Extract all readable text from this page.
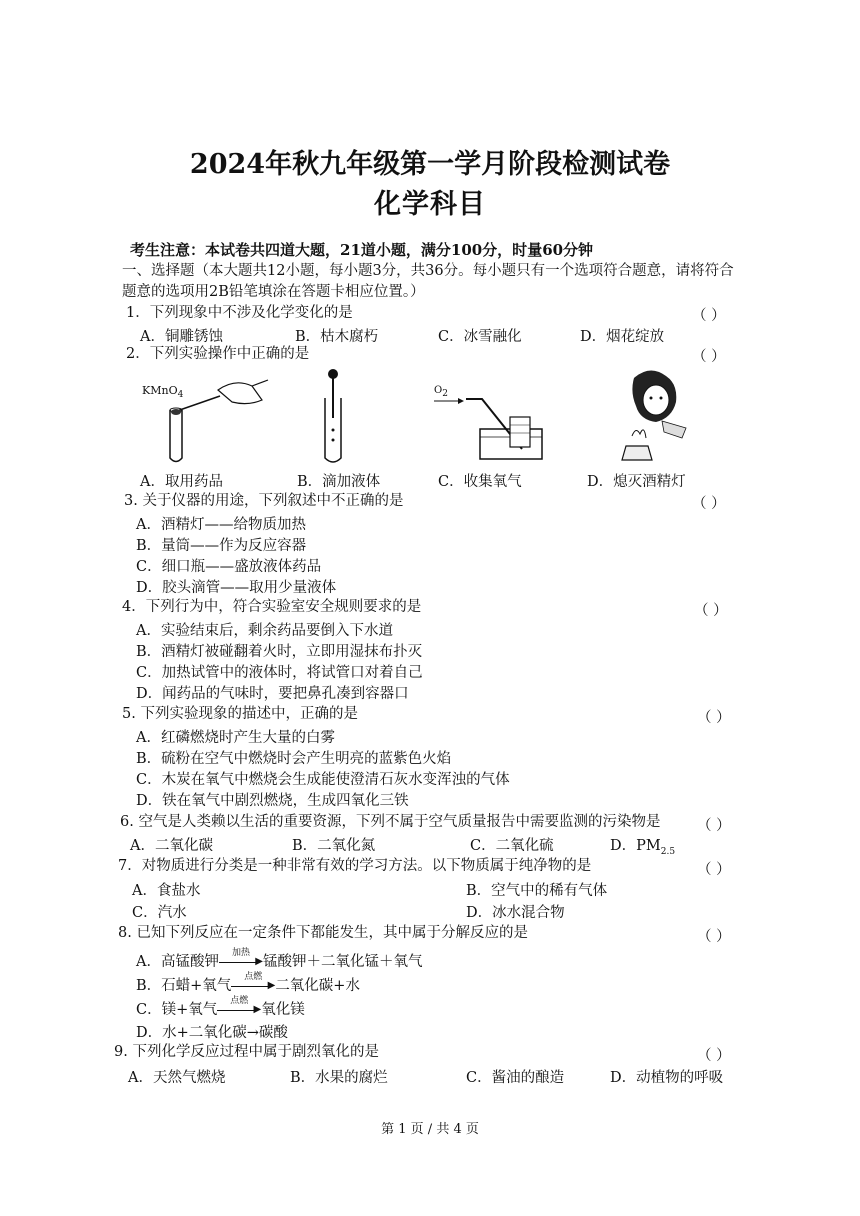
2024年秋九年级第一学月阶段检测试卷
化学科目
考生注意：本试卷共四道大题，21道小题，满分100分，时量60分钟
一、选择题（本大题共12小题，每小题3分，共36分。每小题只有一个选项符合题意，请将符合
题意的选项用2B铅笔填涂在答题卡相应位置。）
1．下列现象中不涉及化学变化的是	（ ）
A．铜雕锈蚀	B．枯木腐朽	C．冰雪融化	D．烟花绽放
2．下列实验操作中正确的是	（ ）
KMnO$_4$	$O_2$
A．取用药品	B．滴加液体	C．收集氧气	D．熄灭酒精灯
3. 关于仪器的用途，下列叙述中不正确的是	（ ）
A．酒精灯——给物质加热
B．量筒——作为反应容器
C．细口瓶——盛放液体药品
D．胶头滴管——取用少量液体
4．下列行为中，符合实验室安全规则要求的是	（ ）
A．实验结束后，剩余药品要倒入下水道
B．酒精灯被碰翻着火时，立即用湿抹布扑灭
C．加热试管中的液体时，将试管口对着自己
D．闻药品的气味时，要把鼻孔凑到容器口
5. 下列实验现象的描述中，正确的是	（ ）
A．红磷燃烧时产生大量的白雾
B．硫粉在空气中燃烧时会产生明亮的蓝紫色火焰
C．木炭在氧气中燃烧会生成能使澄清石灰水变浑浊的气体
D．铁在氧气中剧烈燃烧，生成四氧化三铁
6. 空气是人类赖以生活的重要资源，下列不属于空气质量报告中需要监测的污染物是	（ ）
A．二氧化碳	B．二氧化氮	C．二氧化硫	D．$PM_{2.5}$
7．对物质进行分类是一种非常有效的学习方法。以下物质属于纯净物的是	（ ）
A．食盐水	B．空气中的稀有气体
C．汽水	D．冰水混合物
8. 已知下列反应在一定条件下都能发生，其中属于分解反应的是	（ ）
A．高锰酸钾
加热
▶ 锰酸钾＋二氧化锰＋氧气
B．石蜡+氧气
点燃
▶ 二氧化碳+水
C．镁+氧气
点燃
▶ 氧化镁
D．水+二氧化碳→碳酸
9. 下列化学反应过程中属于剧烈氧化的是	（ ）
A．天然气燃烧	B．水果的腐烂	C．酱油的酿造	D．动植物的呼吸
第 1 页 / 共 4 页
